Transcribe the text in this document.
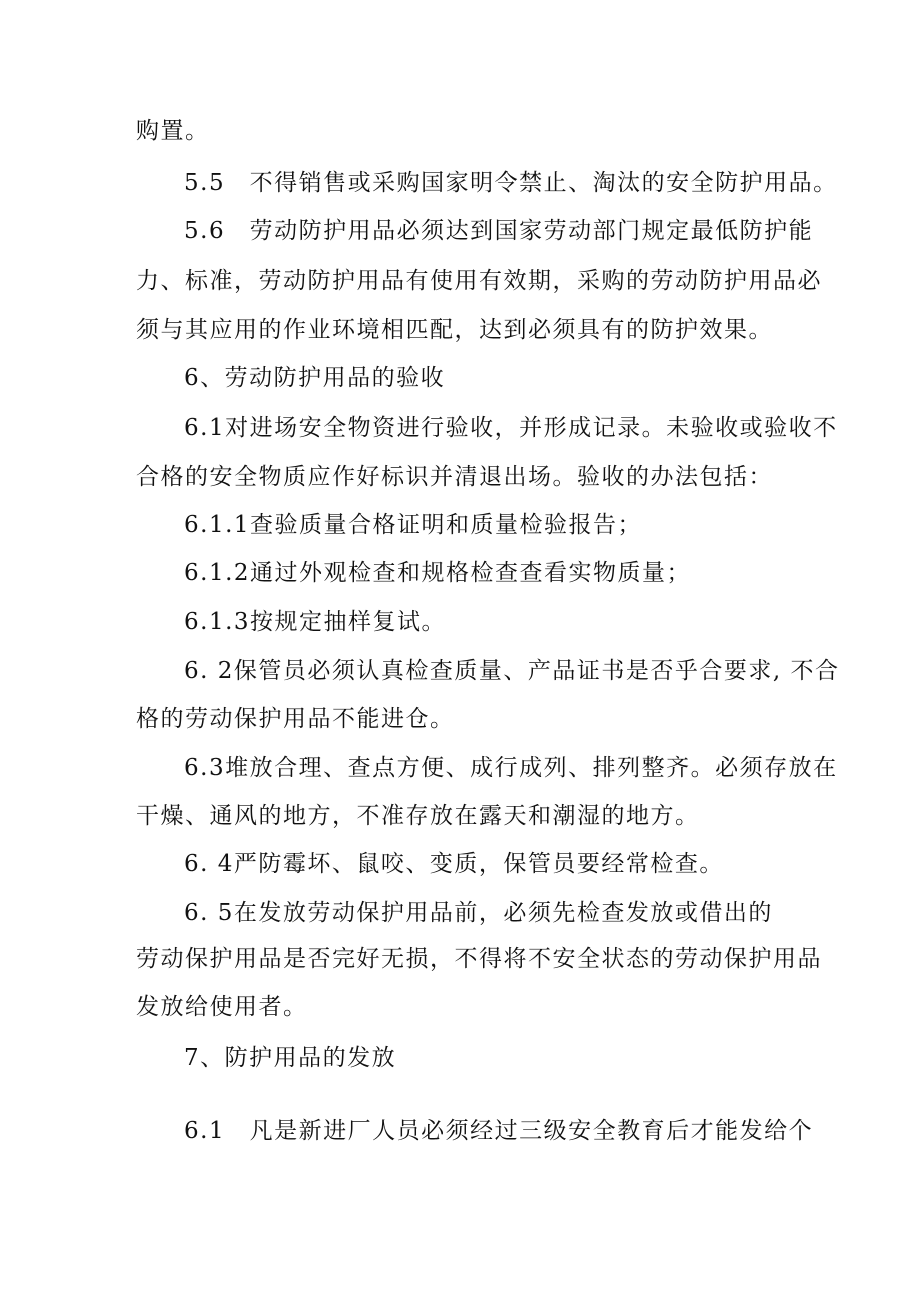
购置。
5.5　不得销售或采购国家明令禁止、淘汰的安全防护用品。
5.6　劳动防护用品必须达到国家劳动部门规定最低防护能
力、标准，劳动防护用品有使用有效期，采购的劳动防护用品必
须与其应用的作业环境相匹配，达到必须具有的防护效果。
6、劳动防护用品的验收
6.1对进场安全物资进行验收，并形成记录。未验收或验收不
合格的安全物质应作好标识并清退出场。验收的办法包括：
6.1.1查验质量合格证明和质量检验报告；
6.1.2通过外观检查和规格检查查看实物质量；
6.1.3按规定抽样复试。
6. 2保管员必须认真检查质量、产品证书是否乎合要求, 不合
格的劳动保护用品不能进仓。
6.3堆放合理、查点方便、成行成列、排列整齐。必须存放在
干燥、通风的地方，不准存放在露天和潮湿的地方。
6. 4严防霉坏、鼠咬、变质，保管员要经常检查。
6. 5在发放劳动保护用品前，必须先检查发放或借出的
劳动保护用品是否完好无损，不得将不安全状态的劳动保护用品
发放给使用者。
7、防护用品的发放
6.1　凡是新进厂人员必须经过三级安全教育后才能发给个
